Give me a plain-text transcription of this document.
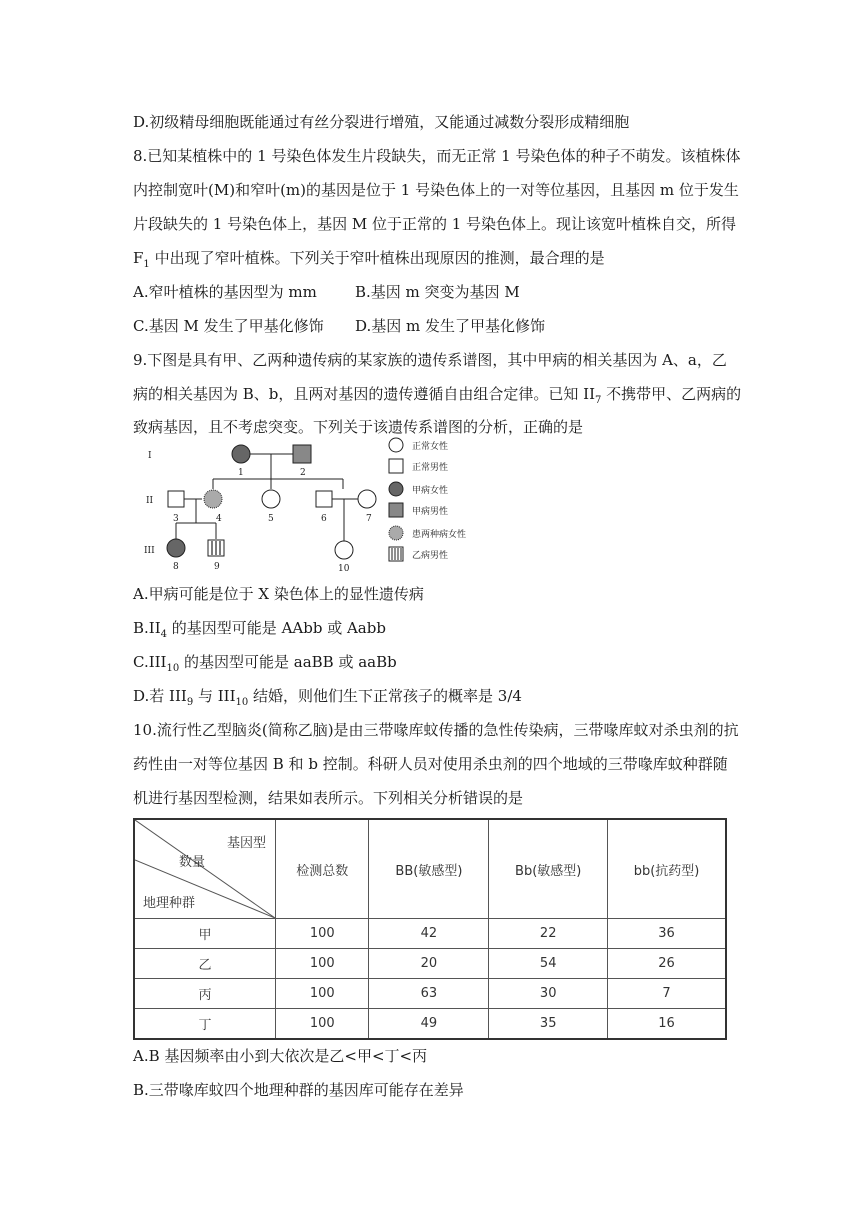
D.初级精母细胞既能通过有丝分裂进行增殖，又能通过减数分裂形成精细胞
8.已知某植株中的 1 号染色体发生片段缺失，而无正常 1 号染色体的种子不萌发。该植株体
内控制宽叶(M)和窄叶(m)的基因是位于 1 号染色体上的一对等位基因，且基因 m 位于发生
片段缺失的 1 号染色体上，基因 M 位于正常的 1 号染色体上。现让该宽叶植株自交，所得
$F_1$ 中出现了窄叶植株。下列关于窄叶植株出现原因的推测，最合理的是
A.窄叶植株的基因型为 mm	B.基因 m 突变为基因 M
C.基因 M 发生了甲基化修饰 D.基因 m 发生了甲基化修饰
9.下图是具有甲、乙两种遗传病的某家族的遗传系谱图，其中甲病的相关基因为 A、a，乙
病的相关基因为 B、b，且两对基因的遗传遵循自由组合定律。已知 $II_7$ 不携带甲、乙两病的
致病基因，且不考虑突变。下列关于该遗传系谱图的分析，正确的是
I
II
III
1	2
3	4	5	6	7
8	9	10
正常女性
正常男性
甲病女性
甲病男性
患两种病女性
乙病男性
A.甲病可能是位于 X 染色体上的显性遗传病
$B.II_4$ 的基因型可能是 AAbb 或 Aabb
$C.III_{10}$ 的基因型可能是 aaBB 或 aaBb
D.若 $III_9$ 与 $III_{10}$ 结婚，则他们生下正常孩子的概率是 3/4
10.流行性乙型脑炎(简称乙脑)是由三带喙库蚊传播的急性传染病，三带喙库蚊对杀虫剂的抗
药性由一对等位基因 B 和 b 控制。科研人员对使用杀虫剂的四个地域的三带喙库蚊种群随
机进行基因型检测，结果如表所示。下列相关分析错误的是
基因型
数量
地理种群	检测总数	BB(敏感型)	Bb(敏感型)	bb(抗药型)
甲	100	42	22	36
乙	100	20	54	26
丙	100	63	30	7
丁	100	49	35	16
A.B 基因频率由小到大依次是乙<甲<丁<丙
B.三带喙库蚊四个地理种群的基因库可能存在差异
